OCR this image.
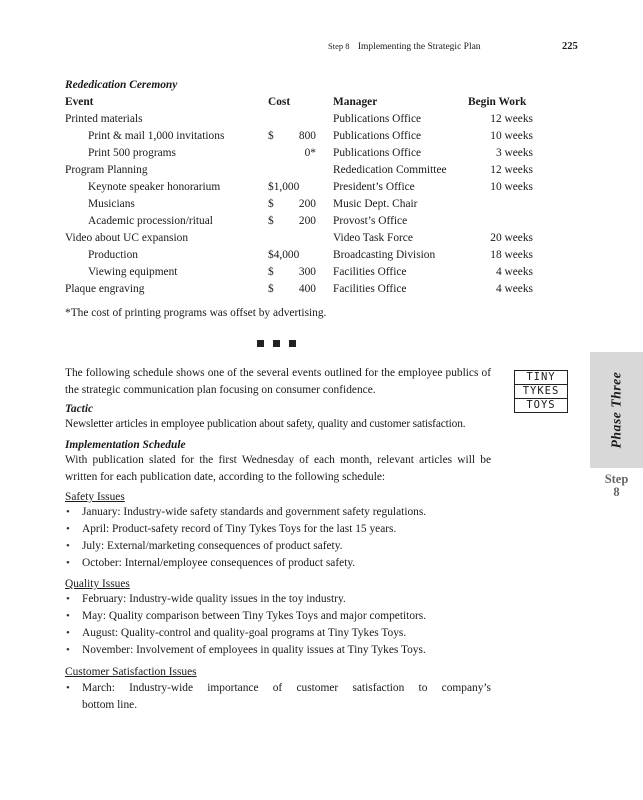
Step 8 Implementing the Strategic Plan	225
Rededication Ceremony
Event	Cost	Manager	Begin Work
Printed materials		Publications Office	12 weeks
Print & mail 1,000 invitations	$ 800	Publications Office	10 weeks
Print 500 programs	0*	Publications Office	3 weeks
Program Planning		Rededication Committee	12 weeks
Keynote speaker honorarium	$1,000	President’s Office	10 weeks
Musicians	$ 200	Music Dept. Chair	
Academic procession/ritual	$ 200	Provost’s Office	
Video about UC expansion		Video Task Force	20 weeks
Production	$4,000	Broadcasting Division	18 weeks
Viewing equipment	$ 300	Facilities Office	4 weeks
Plaque engraving	$ 400	Facilities Office	4 weeks
*The cost of printing programs was offset by advertising.
The following schedule shows one of the several events outlined for the employee publics of the strategic communication plan focusing on consumer confidence.
Tactic
Newsletter articles in employee publication about safety, quality and customer satisfaction.
Implementation Schedule
With publication slated for the first Wednesday of each month, relevant articles will be written for each publication date, according to the following schedule:
Safety Issues
• January: Industry-wide safety standards and government safety regulations.
• April: Product-safety record of Tiny Tykes Toys for the last 15 years.
• July: External/marketing consequences of product safety.
• October: Internal/employee consequences of product safety.
Quality Issues
• February: Industry-wide quality issues in the toy industry.
• May: Quality comparison between Tiny Tykes Toys and major competitors.
• August: Quality-control and quality-goal programs at Tiny Tykes Toys.
• November: Involvement of employees in quality issues at Tiny Tykes Toys.
Customer Satisfaction Issues
• March: Industry-wide importance of customer satisfaction to company’s
bottom line.
Phase Three
Step
8
TINY
TYKES
TOYS
